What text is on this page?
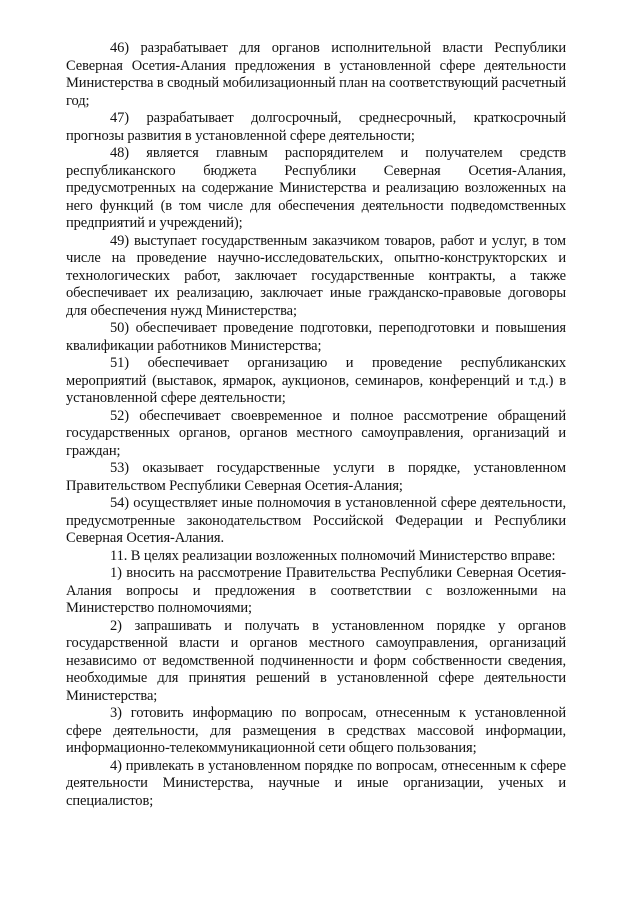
46) разрабатывает для органов исполнительной власти Республики Северная Осетия-Алания предложения в установленной сфере деятельности Министерства в сводный мобилизационный план на соответствующий расчетный год;

47) разрабатывает долгосрочный, среднесрочный, краткосрочный прогнозы развития в установленной сфере деятельности;

48) является главным распорядителем и получателем средств республиканского бюджета Республики Северная Осетия-Алания, предусмотренных на содержание Министерства и реализацию возложенных на него функций (в том числе для обеспечения деятельности подведомственных предприятий и учреждений);

49) выступает государственным заказчиком товаров, работ и услуг, в том числе на проведение научно-исследовательских, опытно-конструкторских и технологических работ, заключает государственные контракты, а также обеспечивает их реализацию, заключает иные гражданско-правовые договоры для обеспечения нужд Министерства;

50) обеспечивает проведение подготовки, переподготовки и повышения квалификации работников Министерства;

51) обеспечивает организацию и проведение республиканских мероприятий (выставок, ярмарок, аукционов, семинаров, конференций и т.д.) в установленной сфере деятельности;

52) обеспечивает своевременное и полное рассмотрение обращений государственных органов, органов местного самоуправления, организаций и граждан;

53) оказывает государственные услуги в порядке, установленном Правительством Республики Северная Осетия-Алания;

54) осуществляет иные полномочия в установленной сфере деятельности, предусмотренные законодательством Российской Федерации и Республики Северная Осетия-Алания.

11. В целях реализации возложенных полномочий Министерство вправе:

1) вносить на рассмотрение Правительства Республики Северная Осетия-Алания вопросы и предложения в соответствии с возложенными на Министерство полномочиями;

2) запрашивать и получать в установленном порядке у органов государственной власти и органов местного самоуправления, организаций независимо от ведомственной подчиненности и форм собственности сведения, необходимые для принятия решений в установленной сфере деятельности Министерства;

3) готовить информацию по вопросам, отнесенным к установленной сфере деятельности, для размещения в средствах массовой информации, информационно-телекоммуникационной сети общего пользования;

4) привлекать в установленном порядке по вопросам, отнесенным к сфере деятельности Министерства, научные и иные организации, ученых и специалистов;
